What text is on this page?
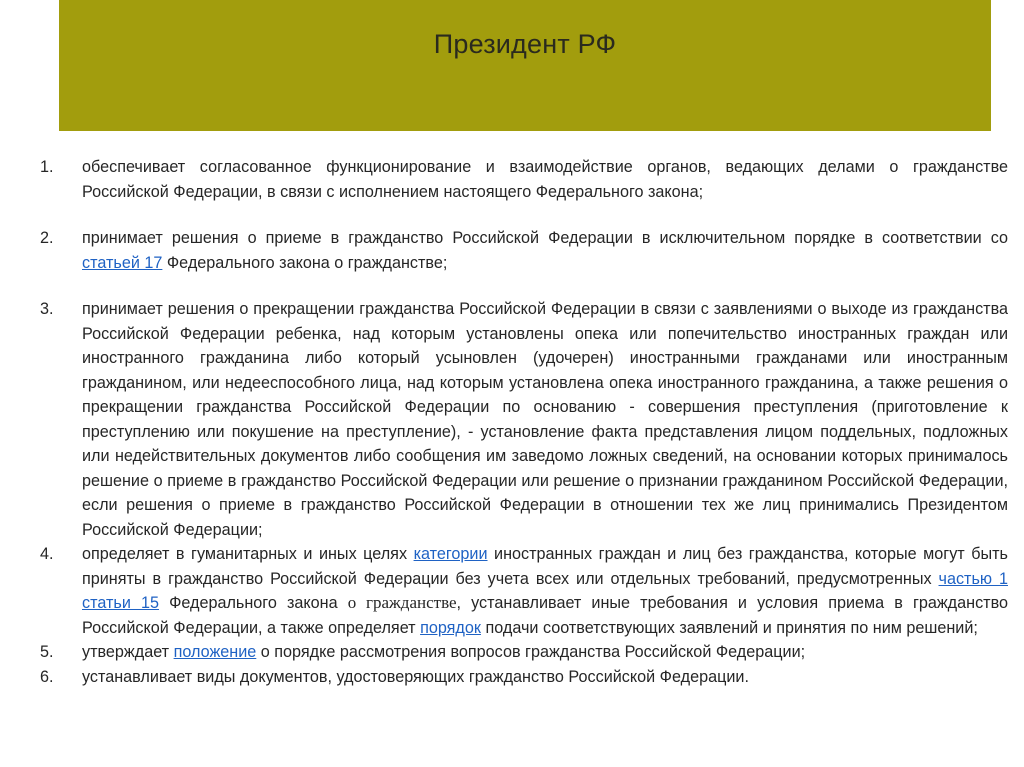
Президент РФ
1.	обеспечивает согласованное функционирование и взаимодействие органов, ведающих делами о гражданстве Российской Федерации, в связи с исполнением настоящего Федерального закона;
2.	принимает решения о приеме в гражданство Российской Федерации в исключительном порядке в соответствии со статьей 17 Федерального закона о гражданстве;
3.	принимает решения о прекращении гражданства Российской Федерации в связи с заявлениями о выходе из гражданства Российской Федерации ребенка, над которым установлены опека или попечительство иностранных граждан или иностранного гражданина либо который усыновлен (удочерен) иностранными гражданами или иностранным гражданином, или недееспособного лица, над которым установлена опека иностранного гражданина, а также решения о прекращении гражданства Российской Федерации по основанию - совершения преступления (приготовление к преступлению или покушение на преступление), - установление факта представления лицом поддельных, подложных или недействительных документов либо сообщения им заведомо ложных сведений, на основании которых принималось решение о приеме в гражданство Российской Федерации или решение о признании гражданином Российской Федерации, если решения о приеме в гражданство Российской Федерации в отношении тех же лиц принимались Президентом Российской Федерации;
4.	определяет в гуманитарных и иных целях категории иностранных граждан и лиц без гражданства, которые могут быть приняты в гражданство Российской Федерации без учета всех или отдельных требований, предусмотренных частью 1 статьи 15 Федерального закона о гражданстве, устанавливает иные требования и условия приема в гражданство Российской Федерации, а также определяет порядок подачи соответствующих заявлений и принятия по ним решений;
5.	утверждает положение о порядке рассмотрения вопросов гражданства Российской Федерации;
6.	устанавливает виды документов, удостоверяющих гражданство Российской Федерации.
